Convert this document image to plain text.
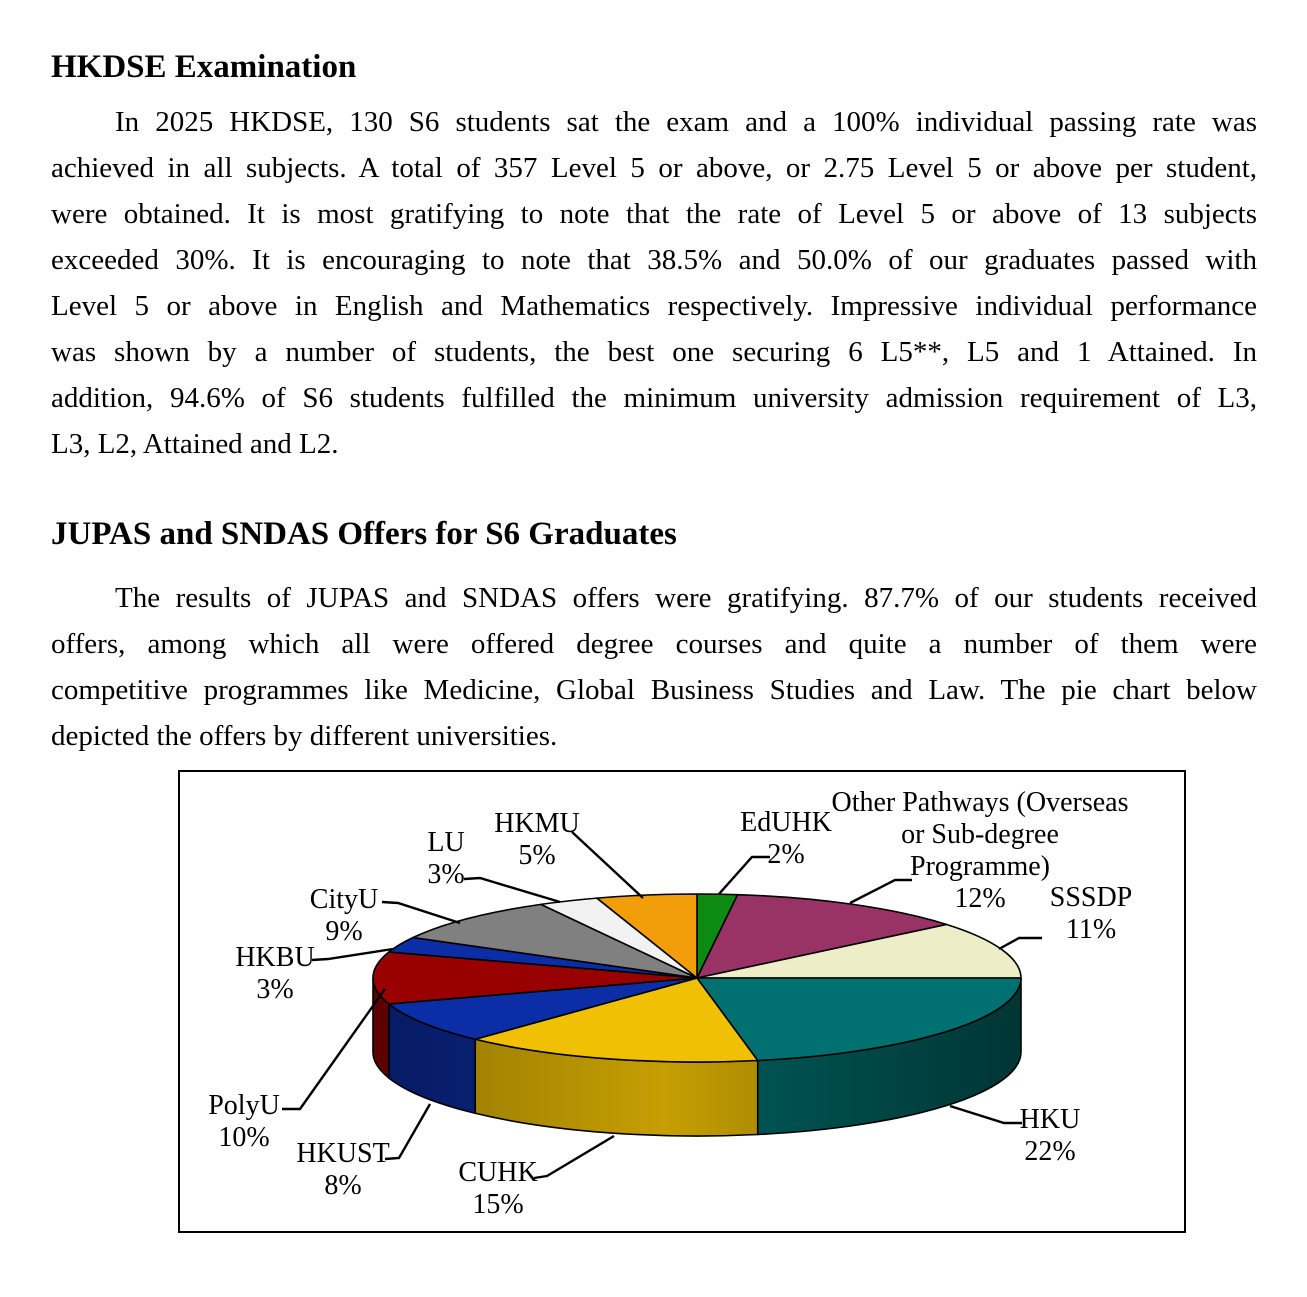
HKDSE Examination
In 2025 HKDSE, 130 S6 students sat the exam and a 100% individual passing rate was
achieved in all subjects. A total of 357 Level 5 or above, or 2.75 Level 5 or above per student,
were obtained. It is most gratifying to note that the rate of Level 5 or above of 13 subjects
exceeded 30%. It is encouraging to note that 38.5% and 50.0% of our graduates passed with
Level 5 or above in English and Mathematics respectively. Impressive individual performance
was shown by a number of students, the best one securing 6 L5**, L5 and 1 Attained. In
addition, 94.6% of S6 students fulfilled the minimum university admission requirement of L3,
L3, L2, Attained and L2.
JUPAS and SNDAS Offers for S6 Graduates
The results of JUPAS and SNDAS offers were gratifying. 87.7% of our students received
offers, among which all were offered degree courses and quite a number of them were
competitive programmes like Medicine, Global Business Studies and Law. The pie chart below
depicted the offers by different universities.
EdUHK
2%
Other Pathways (Overseas
or Sub-degree
Programme)
12%	SSSDP
11%
HKU
22%
CUHK
15%
HKUST
8%
PolyU
10%
HKBU
3%
CityU
9%
LU
3%
HKMU
5%
